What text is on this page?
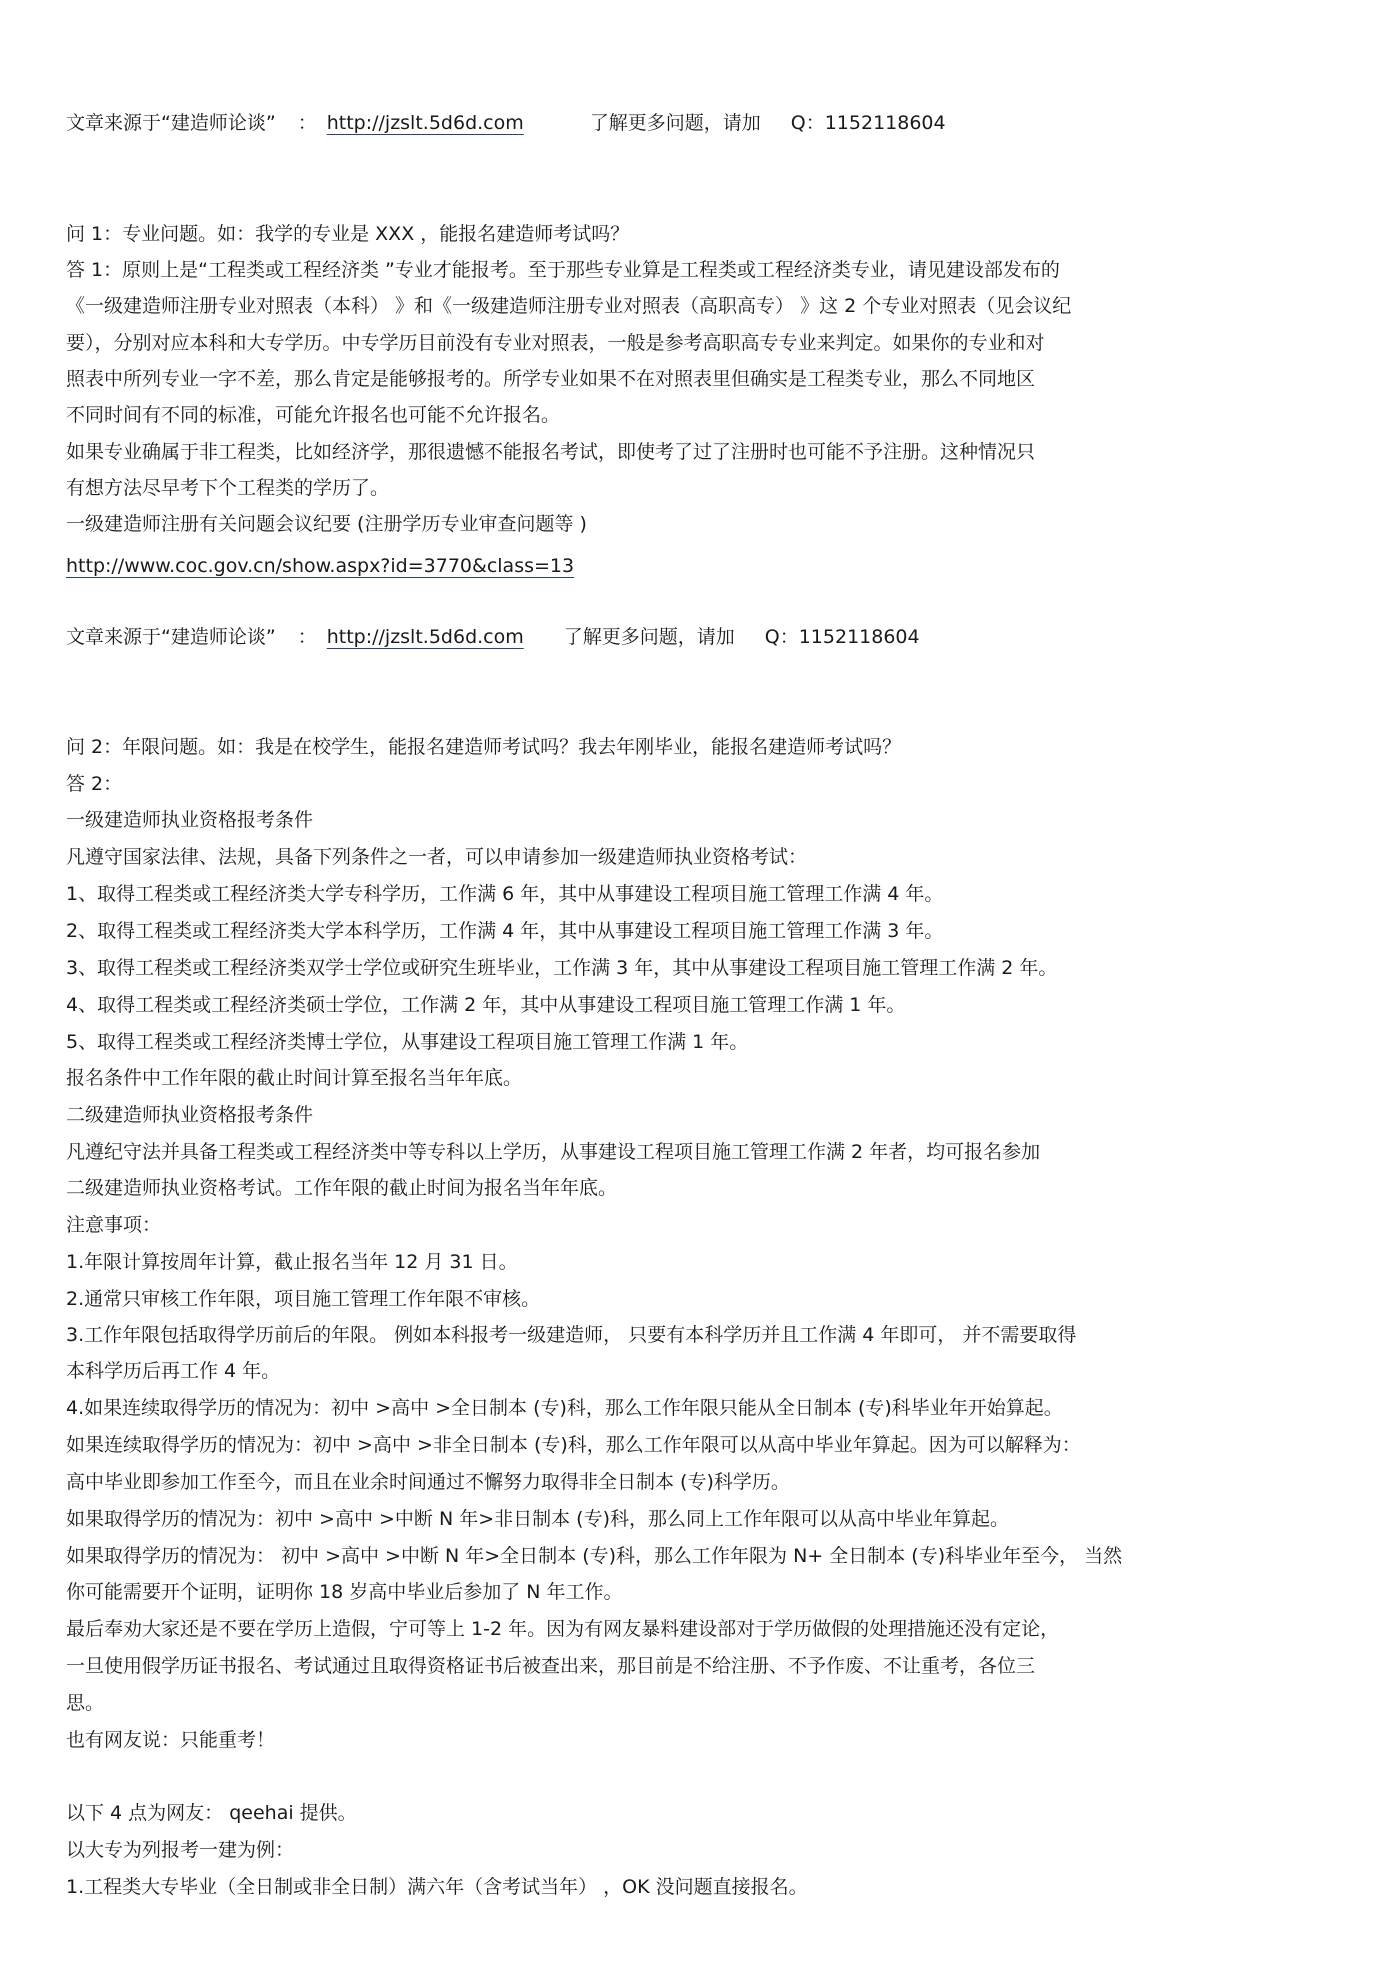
文章来源于“建造师论谈” ： http://jzslt.5d6d.com	了解更多问题，请加 Q：1152118604
问 1：专业问题。如：我学的专业是 XXX ，能报名建造师考试吗？
答 1：原则上是“工程类或工程经济类 ”专业才能报考。至于那些专业算是工程类或工程经济类专业，请见建设部发布的
《一级建造师注册专业对照表（本科） 》和《一级建造师注册专业对照表（高职高专） 》这 2 个专业对照表（见会议纪
要），分别对应本科和大专学历。中专学历目前没有专业对照表，一般是参考高职高专专业来判定。如果你的专业和对
照表中所列专业一字不差，那么肯定是能够报考的。所学专业如果不在对照表里但确实是工程类专业，那么不同地区
不同时间有不同的标准，可能允许报名也可能不允许报名。
如果专业确属于非工程类，比如经济学，那很遗憾不能报名考试，即使考了过了注册时也可能不予注册。这种情况只
有想方法尽早考下个工程类的学历了。
一级建造师注册有关问题会议纪要 (注册学历专业审查问题等 )
http://www.coc.gov.cn/show.aspx?id=3770&class=13
文章来源于“建造师论谈” ： http://jzslt.5d6d.com 了解更多问题，请加 Q：1152118604
问 2：年限问题。如：我是在校学生，能报名建造师考试吗？我去年刚毕业，能报名建造师考试吗？
答 2：
一级建造师执业资格报考条件
凡遵守国家法律、法规，具备下列条件之一者，可以申请参加一级建造师执业资格考试：
1、取得工程类或工程经济类大学专科学历，工作满 6 年，其中从事建设工程项目施工管理工作满 4 年。
2、取得工程类或工程经济类大学本科学历，工作满 4 年，其中从事建设工程项目施工管理工作满 3 年。
3、取得工程类或工程经济类双学士学位或研究生班毕业，工作满 3 年，其中从事建设工程项目施工管理工作满 2 年。
4、取得工程类或工程经济类硕士学位，工作满 2 年，其中从事建设工程项目施工管理工作满 1 年。
5、取得工程类或工程经济类博士学位，从事建设工程项目施工管理工作满 1 年。
报名条件中工作年限的截止时间计算至报名当年年底。
二级建造师执业资格报考条件
凡遵纪守法并具备工程类或工程经济类中等专科以上学历，从事建设工程项目施工管理工作满 2 年者，均可报名参加
二级建造师执业资格考试。工作年限的截止时间为报名当年年底。
注意事项：
1.年限计算按周年计算，截止报名当年 12 月 31 日。
2.通常只审核工作年限，项目施工管理工作年限不审核。
3.工作年限包括取得学历前后的年限。 例如本科报考一级建造师， 只要有本科学历并且工作满 4 年即可， 并不需要取得
本科学历后再工作 4 年。
4.如果连续取得学历的情况为：初中 >高中 >全日制本 (专)科，那么工作年限只能从全日制本 (专)科毕业年开始算起。
如果连续取得学历的情况为：初中 >高中 >非全日制本 (专)科，那么工作年限可以从高中毕业年算起。因为可以解释为：
高中毕业即参加工作至今，而且在业余时间通过不懈努力取得非全日制本 (专)科学历。
如果取得学历的情况为：初中 >高中 >中断 N 年>非日制本 (专)科，那么同上工作年限可以从高中毕业年算起。
如果取得学历的情况为： 初中 >高中 >中断 N 年>全日制本 (专)科，那么工作年限为 N+ 全日制本 (专)科毕业年至今， 当然
你可能需要开个证明，证明你 18 岁高中毕业后参加了 N 年工作。
最后奉劝大家还是不要在学历上造假，宁可等上 1-2 年。因为有网友暴料建设部对于学历做假的处理措施还没有定论，
一旦使用假学历证书报名、考试通过且取得资格证书后被查出来，那目前是不给注册、不予作废、不让重考，各位三
思。
也有网友说：只能重考！
以下 4 点为网友： qeehai 提供。
以大专为列报考一建为例：
1.工程类大专毕业（全日制或非全日制）满六年（含考试当年） ，OK 没问题直接报名。
